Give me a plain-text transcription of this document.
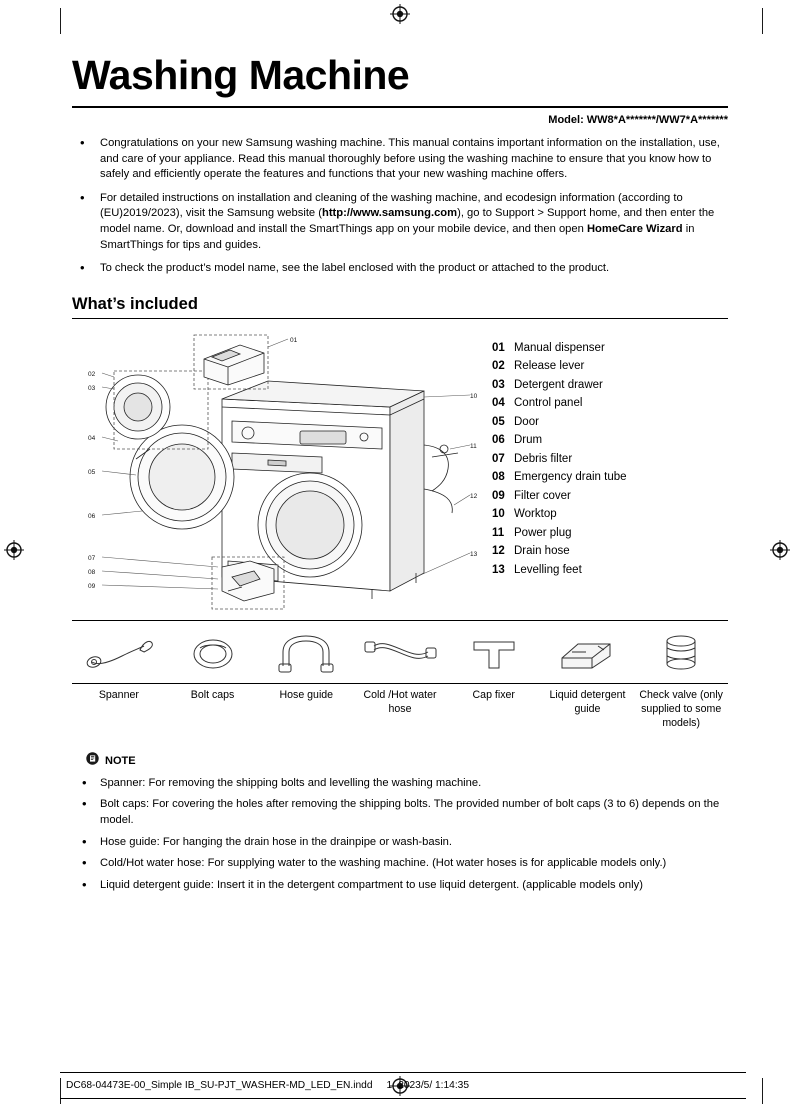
Washing Machine
Model: WW8*A*******/WW7*A*******
• Congratulations on your new Samsung washing machine. This manual contains important information on the installation, use, and care of your appliance. Read this manual thoroughly before using the washing machine to ensure that you know how to safely and efficiently operate the features and functions that your new washing machine offers.
• For detailed instructions on installation and cleaning of the washing machine, and ecodesign information (according to (EU)2019/2023), visit the Samsung website (http://www.samsung.com), go to Support > Support home, and then enter the model name. Or, download and install the SmartThings app on your mobile device, and then open HomeCare Wizard in SmartThings for tips and guides.
• To check the product’s model name, see the label enclosed with the product or attached to the product.
What’s included
02
03
04
05
06
07
08
09
01
10
11
12
13
01 Manual dispenser
02 Release lever
03 Detergent drawer
04 Control panel
05 Door
06 Drum
07 Debris filter
08 Emergency drain tube
09 Filter cover
10 Worktop
11 Power plug
12 Drain hose
13 Levelling feet
Spanner	Bolt caps	Hose guide	Cold /Hot water hose
Cap fixer	Liquid detergent guide
Check valve (only supplied to some models)
NOTE
• Spanner: For removing the shipping bolts and levelling the washing machine.
• Bolt caps: For covering the holes after removing the shipping bolts. The provided number of bolt caps (3 to 6) depends on the model.
• Hose guide: For hanging the drain hose in the drainpipe or wash-basin.
• Cold/Hot water hose: For supplying water to the washing machine. (Hot water hoses is for applicable models only.)
• Liquid detergent guide: Insert it in the detergent compartment to use liquid detergent. (applicable models only)
DC68-04473E-00_Simple IB_SU-PJT_WASHER-MD_LED_EN.indd 1 2023/5/ 1:14:35
